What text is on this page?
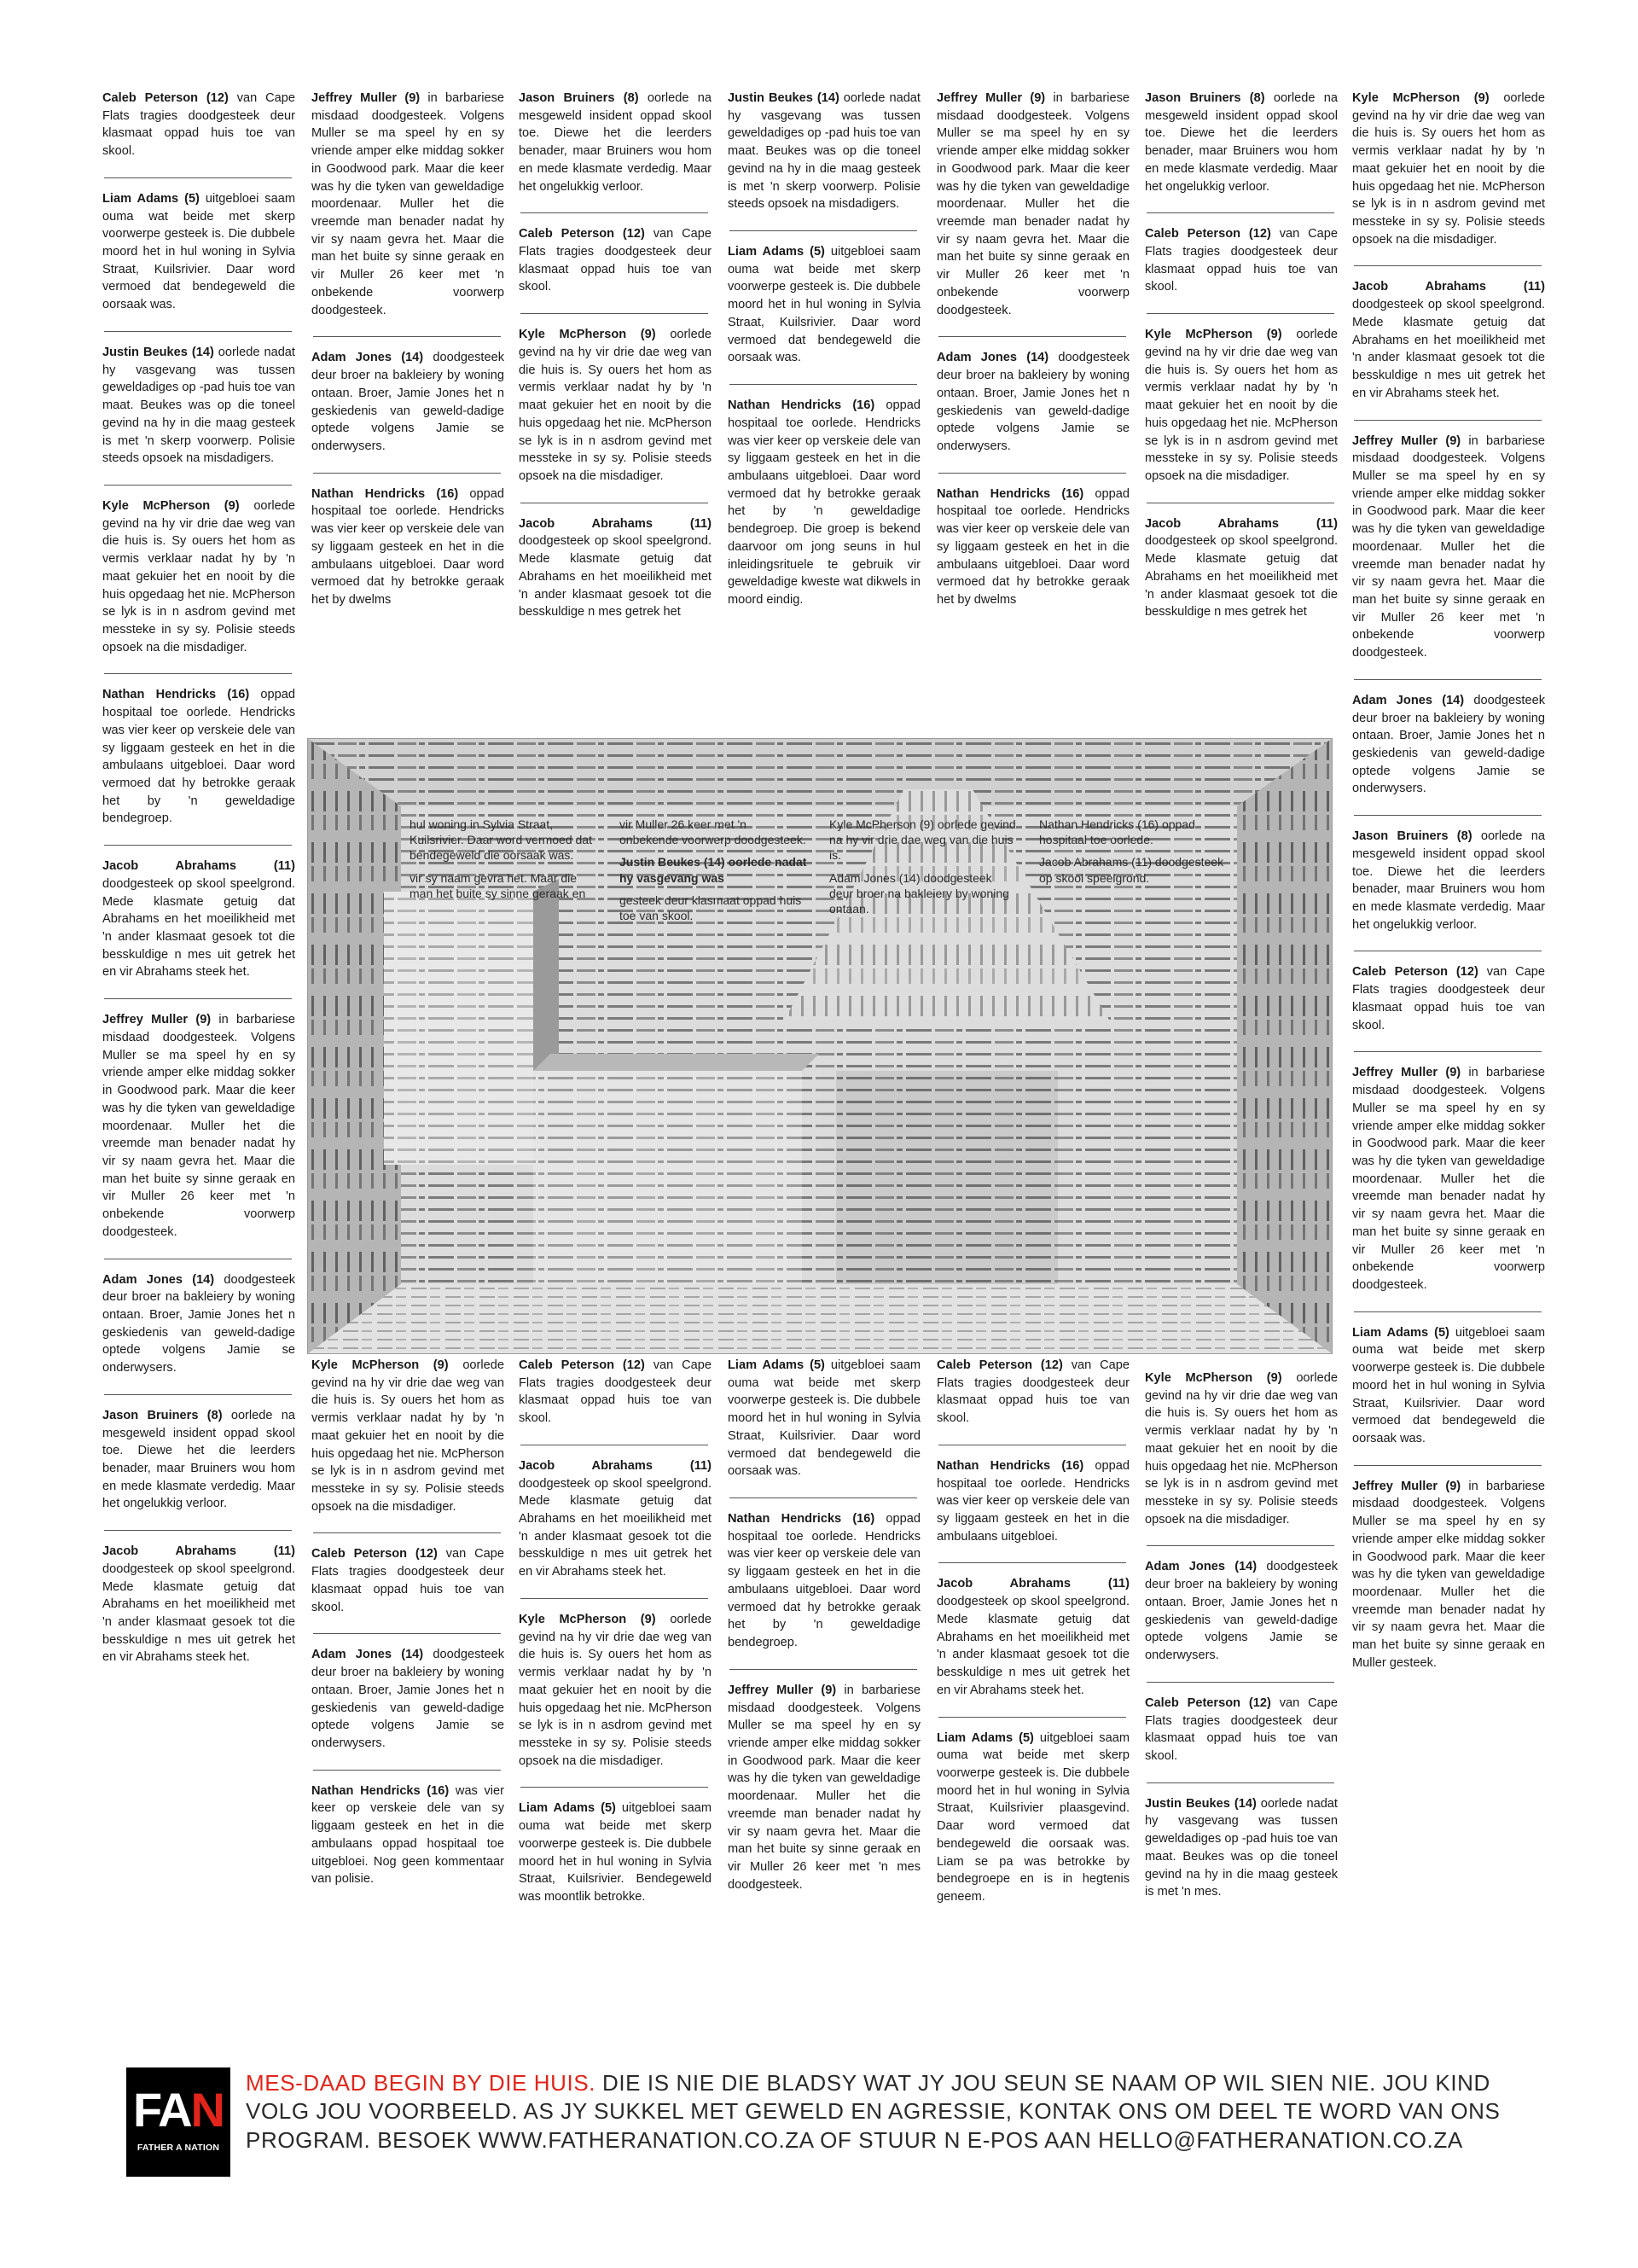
Caleb Peterson (12) van Cape Flats tragies doodgesteek deur klasmaat oppad huis toe van skool.

Liam Adams (5) uitgebloei saam ouma wat beide met skerp voorwerpe gesteek is. Die dubbele moord het in hul woning in Sylvia Straat, Kuilsrivier. Daar word vermoed dat bendegeweld die oorsaak was.

Justin Beukes (14) oorlede nadat hy vasgevang was tussen geweldadiges op -pad huis toe van maat. Beukes was op die toneel gevind na hy in die maag gesteek is met 'n skerp voorwerp. Polisie steeds opsoek na misdadigers.

Kyle McPherson (9) oorlede gevind na hy vir drie dae weg van die huis is. Sy ouers het hom as vermis verklaar nadat hy by 'n maat gekuier het en nooit by die huis opgedaag het nie. McPherson se lyk is in n asdrom gevind met messteke in sy sy. Polisie steeds opsoek na die misdadiger.

Nathan Hendricks (16) oppad hospitaal toe oorlede. Hendricks was vier keer op verskeie dele van sy liggaam gesteek en het in die ambulaans uitgebloei. Daar word vermoed dat hy betrokke geraak het by 'n geweldadige bendegroep.

Jacob Abrahams (11) doodgesteek op skool speelgrond. Mede klasmate getuig dat Abrahams en het moeilikheid met 'n ander klasmaat gesoek tot die besskuldige n mes uit getrek het en vir Abrahams steek het.

Jeffrey Muller (9) in barbariese misdaad doodgesteek. Volgens Muller se ma speel hy en sy vriende amper elke middag sokker in Goodwood park. Maar die keer was hy die tyken van geweldadige moordenaar. Muller het die vreemde man benader nadat hy vir sy naam gevra het. Maar die man het buite sy sinne geraak en vir Muller 26 keer met 'n onbekende voorwerp doodgesteek.

Adam Jones (14) doodgesteek deur broer na bakleiery by woning ontaan. Broer, Jamie Jones het n geskiedenis van geweld-dadige optede volgens Jamie se onderwysers.

Jason Bruiners (8) oorlede na mesgeweld insident oppad skool toe. Diewe het die leerders benader, maar Bruiners wou hom en mede klasmate verdedig. Maar het ongelukkig verloor.

Jacob Abrahams (11) doodgesteek op skool speelgrond. Mede klasmate getuig dat Abrahams en het moeilikheid met 'n ander klasmaat gesoek tot die besskuldige n mes uit getrek het en vir Abrahams steek het.

Jeffrey Muller (9) in barbariese misdaad doodgesteek. Volgens Muller se ma speel hy en sy vriende amper elke middag sokker in Goodwood park. Maar die keer was hy die tyken van geweldadige moordenaar. Muller het die vreemde man benader nadat hy vir sy naam gevra het. Maar die man het buite sy sinne geraak en vir Muller 26 keer met 'n onbekende voorwerp doodgesteek.

Adam Jones (14) doodgesteek deur broer na bakleiery by woning ontaan. Broer, Jamie Jones het n geskiedenis van geweld-dadige optede volgens Jamie se onderwysers.

Nathan Hendricks (16) oppad hospitaal toe oorlede. Hendricks was vier keer op verskeie dele van sy liggaam gesteek en het in die ambulaans uitgebloei. Daar word vermoed dat hy betrokke geraak het by dwelms

Jason Bruiners (8) oorlede na mesgeweld insident oppad skool toe. Diewe het die leerders benader, maar Bruiners wou hom en mede klasmate verdedig. Maar het ongelukkig verloor.

Caleb Peterson (12) van Cape Flats tragies doodgesteek deur klasmaat oppad huis toe van skool.

Kyle McPherson (9) oorlede gevind na hy vir drie dae weg van die huis is. Sy ouers het hom as vermis verklaar nadat hy by 'n maat gekuier het en nooit by die huis opgedaag het nie. McPherson se lyk is in n asdrom gevind met messteke in sy sy. Polisie steeds opsoek na die misdadiger.

Jacob Abrahams (11) doodgesteek op skool speelgrond. Mede klasmate getuig dat Abrahams en het moeilikheid met 'n ander klasmaat gesoek tot die besskuldige n mes getrek het

Justin Beukes (14) oorlede nadat hy vasgevang was tussen geweldadiges op -pad huis toe van maat. Beukes was op die toneel gevind na hy in die maag gesteek is met 'n skerp voorwerp. Polisie steeds opsoek na misdadigers.

Liam Adams (5) uitgebloei saam ouma wat beide met skerp voorwerpe gesteek is. Die dubbele moord het in hul woning in Sylvia Straat, Kuilsrivier. Daar word vermoed dat bendegeweld die oorsaak was.

Nathan Hendricks (16) oppad hospitaal toe oorlede. Hendricks was vier keer op verskeie dele van sy liggaam gesteek en het in die ambulaans uitgebloei. Daar word vermoed dat hy betrokke geraak het by 'n geweldadige bendegroep. Die groep is bekend daarvoor om jong seuns in hul inleidingsrituele te gebruik vir geweldadige kweste wat dikwels in moord eindig.

Jeffrey Muller (9) in barbariese misdaad doodgesteek. Volgens Muller se ma speel hy en sy vriende amper elke middag sokker in Goodwood park. Maar die keer was hy die tyken van geweldadige moordenaar. Muller het die vreemde man benader nadat hy vir sy naam gevra het. Maar die man het buite sy sinne geraak en vir Muller 26 keer met 'n onbekende voorwerp doodgesteek.

Adam Jones (14) doodgesteek deur broer na bakleiery by woning ontaan. Broer, Jamie Jones het n geskiedenis van geweld-dadige optede volgens Jamie se onderwysers.

Nathan Hendricks (16) oppad hospitaal toe oorlede. Hendricks was vier keer op verskeie dele van sy liggaam gesteek en het in die ambulaans uitgebloei. Daar word vermoed dat hy betrokke geraak het by dwelms

Jason Bruiners (8) oorlede na mesgeweld insident oppad skool toe. Diewe het die leerders benader, maar Bruiners wou hom en mede klasmate verdedig. Maar het ongelukkig verloor.

Caleb Peterson (12) van Cape Flats tragies doodgesteek deur klasmaat oppad huis toe van skool.

Kyle McPherson (9) oorlede gevind na hy vir drie dae weg van die huis is. Sy ouers het hom as vermis verklaar nadat hy by 'n maat gekuier het en nooit by die huis opgedaag het nie. McPherson se lyk is in n asdrom gevind met messteke in sy sy. Polisie steeds opsoek na die misdadiger.

Jacob Abrahams (11) doodgesteek op skool speelgrond. Mede klasmate getuig dat Abrahams en het moeilikheid met 'n ander klasmaat gesoek tot die besskuldige n mes getrek het

Kyle McPherson (9) oorlede gevind na hy vir drie dae weg van die huis is. Sy ouers het hom as vermis verklaar nadat hy by 'n maat gekuier het en nooit by die huis opgedaag het nie. McPherson se lyk is in n asdrom gevind met messteke in sy sy. Polisie steeds opsoek na die misdadiger.

Jacob Abrahams (11) doodgesteek op skool speelgrond. Mede klasmate getuig dat Abrahams en het moeilikheid met 'n ander klasmaat gesoek tot die besskuldige n mes uit getrek het en vir Abrahams steek het.

Jeffrey Muller (9) in barbariese misdaad doodgesteek. Volgens Muller se ma speel hy en sy vriende amper elke middag sokker in Goodwood park. Maar die keer was hy die tyken van geweldadige moordenaar. Muller het die vreemde man benader nadat hy vir sy naam gevra het. Maar die man het buite sy sinne geraak en vir Muller 26 keer met 'n onbekende voorwerp doodgesteek.

Adam Jones (14) doodgesteek deur broer na bakleiery by woning ontaan. Broer, Jamie Jones het n geskiedenis van geweld-dadige optede volgens Jamie se onderwysers.

Jason Bruiners (8) oorlede na mesgeweld insident oppad skool toe. Diewe het die leerders benader, maar Bruiners wou hom en mede klasmate verdedig. Maar het ongelukkig verloor.

Caleb Peterson (12) van Cape Flats tragies doodgesteek deur klasmaat oppad huis toe van skool.

Jeffrey Muller (9) in barbariese misdaad doodgesteek. Volgens Muller se ma speel hy en sy vriende amper elke middag sokker in Goodwood park. Maar die keer was hy die tyken van geweldadige moordenaar. Muller het die vreemde man benader nadat hy vir sy naam gevra het. Maar die man het buite sy sinne geraak en vir Muller 26 keer met 'n onbekende voorwerp doodgesteek.

Liam Adams (5) uitgebloei saam ouma wat beide met skerp voorwerpe gesteek is. Die dubbele moord het in hul woning in Sylvia Straat, Kuilsrivier. Daar word vermoed dat bendegeweld die oorsaak was.

Jeffrey Muller (9) in barbariese misdaad doodgesteek. Volgens Muller se ma speel hy en sy vriende amper elke middag sokker in Goodwood park. Maar die keer was hy die tyken van geweldadige moordenaar. Muller het die vreemde man benader nadat hy vir sy naam gevra het. Maar die man het buite sy sinne geraak en Muller gesteek.

hul woning in Sylvia Straat, Kuilsrivier. Daar word vermoed dat bendegeweld die oorsaak was.

vir sy naam gevra het. Maar die man het buite sy sinne geraak en vir Muller 26 keer met 'n onbekende voorwerp doodgesteek.

Justin Beukes (14) oorlede nadat hy vasgevang was

gesteek deur klasmaat oppad huis toe van skool.

Kyle McPherson (9) oorlede gevind na hy vir drie dae weg van die huis is.

Adam Jones (14) doodgesteek deur broer na bakleiery by woning ontaan.

Nathan Hendricks (16) oppad hospitaal toe oorlede.

Jacob Abrahams (11) doodgesteek op skool speelgrond.

Kyle McPherson (9) oorlede gevind na hy vir drie dae weg van die huis is. Sy ouers het hom as vermis verklaar nadat hy by 'n maat gekuier het en nooit by die huis opgedaag het nie. McPherson se lyk is in n asdrom gevind met messteke in sy sy. Polisie steeds opsoek na die misdadiger.

Caleb Peterson (12) van Cape Flats tragies doodgesteek deur klasmaat oppad huis toe van skool.

Adam Jones (14) doodgesteek deur broer na bakleiery by woning ontaan. Broer, Jamie Jones het n geskiedenis van geweld-dadige optede volgens Jamie se onderwysers.

Nathan Hendricks (16) was vier keer op verskeie dele van sy liggaam gesteek en het in die ambulaans oppad hospitaal toe uitgebloei. Nog geen kommentaar van polisie.

Caleb Peterson (12) van Cape Flats tragies doodgesteek deur klasmaat oppad huis toe van skool.

Jacob Abrahams (11) doodgesteek op skool speelgrond. Mede klasmate getuig dat Abrahams en het moeilikheid met 'n ander klasmaat gesoek tot die besskuldige n mes uit getrek het en vir Abrahams steek het.

Kyle McPherson (9) oorlede gevind na hy vir drie dae weg van die huis is. Sy ouers het hom as vermis verklaar nadat hy by 'n maat gekuier het en nooit by die huis opgedaag het nie. McPherson se lyk is in n asdrom gevind met messteke in sy sy. Polisie steeds opsoek na die misdadiger.

Liam Adams (5) uitgebloei saam ouma wat beide met skerp voorwerpe gesteek is. Die dubbele moord het in hul woning in Sylvia Straat, Kuilsrivier. Bendegeweld was moontlik betrokke.

Liam Adams (5) uitgebloei saam ouma wat beide met skerp voorwerpe gesteek is. Die dubbele moord het in hul woning in Sylvia Straat, Kuilsrivier. Daar word vermoed dat bendegeweld die oorsaak was.

Nathan Hendricks (16) oppad hospitaal toe oorlede. Hendricks was vier keer op verskeie dele van sy liggaam gesteek en het in die ambulaans uitgebloei. Daar word vermoed dat hy betrokke geraak het by 'n geweldadige bendegroep.

Jeffrey Muller (9) in barbariese misdaad doodgesteek. Volgens Muller se ma speel hy en sy vriende amper elke middag sokker in Goodwood park. Maar die keer was hy die tyken van geweldadige moordenaar. Muller het die vreemde man benader nadat hy vir sy naam gevra het. Maar die man het buite sy sinne geraak en vir Muller 26 keer met 'n mes doodgesteek.

Caleb Peterson (12) van Cape Flats tragies doodgesteek deur klasmaat oppad huis toe van skool.

Nathan Hendricks (16) oppad hospitaal toe oorlede. Hendricks was vier keer op verskeie dele van sy liggaam gesteek en het in die ambulaans uitgebloei.

Jacob Abrahams (11) doodgesteek op skool speelgrond. Mede klasmate getuig dat Abrahams en het moeilikheid met 'n ander klasmaat gesoek tot die besskuldige n mes uit getrek het en vir Abrahams steek het.

Liam Adams (5) uitgebloei saam ouma wat beide met skerp voorwerpe gesteek is. Die dubbele moord het in hul woning in Sylvia Straat, Kuilsrivier plaasgevind. Daar word vermoed dat bendegeweld die oorsaak was. Liam se pa was betrokke by bendegroepe en is in hegtenis geneem.

Kyle McPherson (9) oorlede gevind na hy vir drie dae weg van die huis is. Sy ouers het hom as vermis verklaar nadat hy by 'n maat gekuier het en nooit by die huis opgedaag het nie. McPherson se lyk is in n asdrom gevind met messteke in sy sy. Polisie steeds opsoek na die misdadiger.

Adam Jones (14) doodgesteek deur broer na bakleiery by woning ontaan. Broer, Jamie Jones het n geskiedenis van geweld-dadige optede volgens Jamie se onderwysers.

Caleb Peterson (12) van Cape Flats tragies doodgesteek deur klasmaat oppad huis toe van skool.

Justin Beukes (14) oorlede nadat hy vasgevang was tussen geweldadiges op -pad huis toe van maat. Beukes was op die toneel gevind na hy in die maag gesteek is met 'n mes.

FAN
FATHER A NATION
MES-DAAD BEGIN BY DIE HUIS. DIE IS NIE DIE BLADSY WAT JY JOU SEUN SE NAAM OP WIL SIEN NIE. JOU KIND VOLG JOU VOORBEELD. AS JY SUKKEL MET GEWELD EN AGRESSIE, KONTAK ONS OM DEEL TE WORD VAN ONS PROGRAM. BESOEK WWW.FATHERANATION.CO.ZA OF STUUR N E-POS AAN HELLO@FATHERANATION.CO.ZA
